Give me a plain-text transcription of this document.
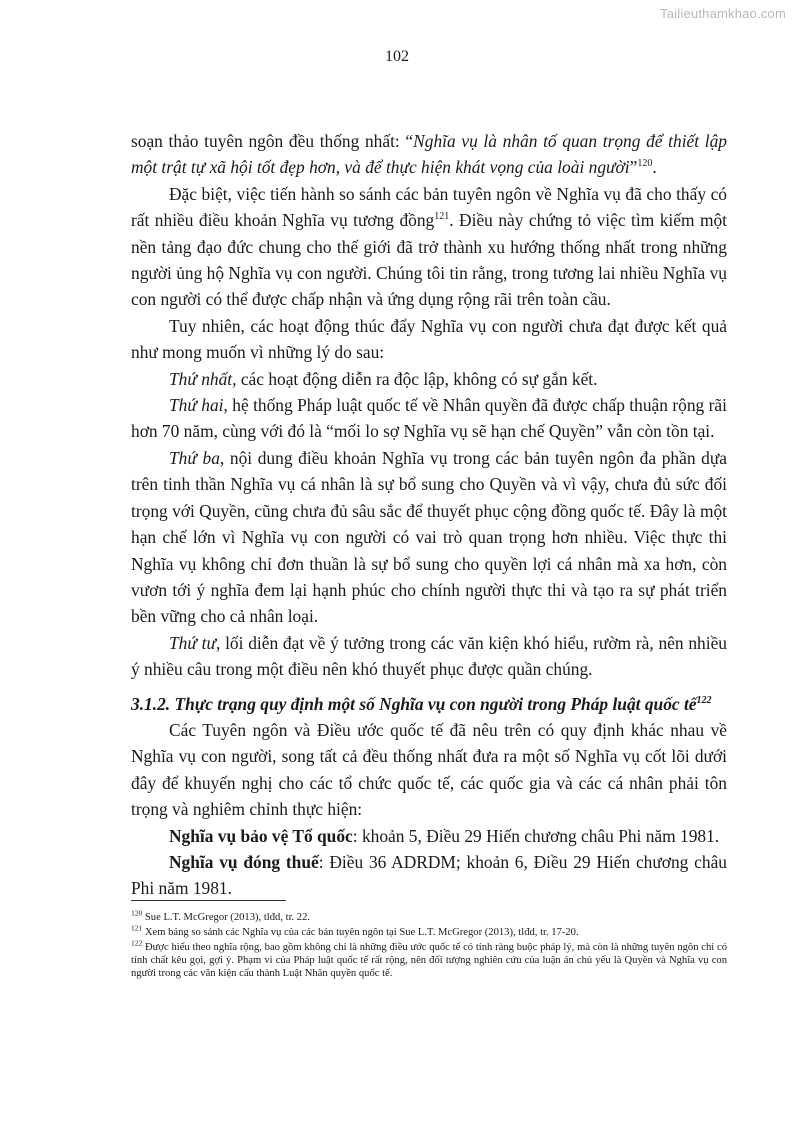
Tailieuthamkhao.com
102

soạn thảo tuyên ngôn đều thống nhất: “Nghĩa vụ là nhân tố quan trọng để thiết lập một trật tự xã hội tốt đẹp hơn, và để thực hiện khát vọng của loài người”$^{120}$.

Đặc biệt, việc tiến hành so sánh các bản tuyên ngôn về Nghĩa vụ đã cho thấy có rất nhiều điều khoản Nghĩa vụ tương đồng$^{121}$. Điều này chứng tỏ việc tìm kiếm một nền tảng đạo đức chung cho thế giới đã trở thành xu hướng thống nhất trong những người ủng hộ Nghĩa vụ con người. Chúng tôi tin rằng, trong tương lai nhiều Nghĩa vụ con người có thể được chấp nhận và ứng dụng rộng rãi trên toàn cầu.

Tuy nhiên, các hoạt động thúc đẩy Nghĩa vụ con người chưa đạt được kết quả như mong muốn vì những lý do sau:

Thứ nhất, các hoạt động diễn ra độc lập, không có sự gắn kết.

Thứ hai, hệ thống Pháp luật quốc tế về Nhân quyền đã được chấp thuận rộng rãi hơn 70 năm, cùng với đó là “mối lo sợ Nghĩa vụ sẽ hạn chế Quyền” vẫn còn tồn tại.

Thứ ba, nội dung điều khoản Nghĩa vụ trong các bản tuyên ngôn đa phần dựa trên tinh thần Nghĩa vụ cá nhân là sự bổ sung cho Quyền và vì vậy, chưa đủ sức đối trọng với Quyền, cũng chưa đủ sâu sắc để thuyết phục cộng đồng quốc tế. Đây là một hạn chế lớn vì Nghĩa vụ con người có vai trò quan trọng hơn nhiều. Việc thực thi Nghĩa vụ không chỉ đơn thuần là sự bổ sung cho quyền lợi cá nhân mà xa hơn, còn vươn tới ý nghĩa đem lại hạnh phúc cho chính người thực thi và tạo ra sự phát triển bền vững cho cả nhân loại.

Thứ tư, lối diễn đạt về ý tưởng trong các văn kiện khó hiểu, rườm rà, nên nhiều ý nhiều câu trong một điều nên khó thuyết phục được quần chúng.

3.1.2. Thực trạng quy định một số Nghĩa vụ con người trong Pháp luật quốc tế$^{122}$

Các Tuyên ngôn và Điều ước quốc tế đã nêu trên có quy định khác nhau về Nghĩa vụ con người, song tất cả đều thống nhất đưa ra một số Nghĩa vụ cốt lõi dưới đây để khuyến nghị cho các tổ chức quốc tế, các quốc gia và các cá nhân phải tôn trọng và nghiêm chỉnh thực hiện:

Nghĩa vụ bảo vệ Tổ quốc: khoản 5, Điều 29 Hiến chương châu Phi năm 1981.

Nghĩa vụ đóng thuế: Điều 36 ADRDM; khoản 6, Điều 29 Hiến chương châu Phi năm 1981.

$^{120}$ Sue L.T. McGregor (2013), tlđd, tr. 22.

$^{121}$ Xem bảng so sánh các Nghĩa vụ của các bản tuyên ngôn tại Sue L.T. McGregor (2013), tlđd, tr. 17-20.

$^{122}$ Được hiểu theo nghĩa rộng, bao gồm không chỉ là những điều ước quốc tế có tính ràng buộc pháp lý, mà còn là những tuyên ngôn chỉ có tính chất kêu gọi, gợi ý. Phạm vi của Pháp luật quốc tế rất rộng, nên đối tượng nghiên cứu của luận án chủ yếu là Quyền và Nghĩa vụ con người trong các văn kiện cấu thành Luật Nhân quyền quốc tế.
